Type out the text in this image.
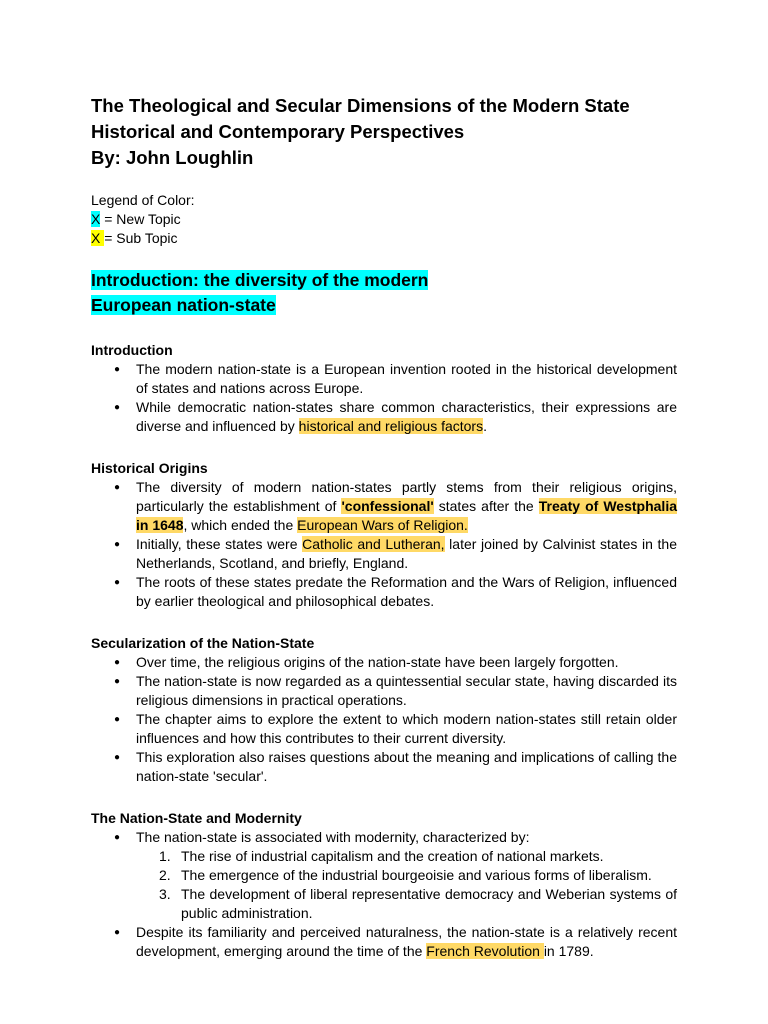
The Theological and Secular Dimensions of the Modern State
Historical and Contemporary Perspectives
By: John Loughlin
Legend of Color:
X = New Topic
X = Sub Topic
Introduction: the diversity of the modern
European nation-state
Introduction
● The modern nation-state is a European invention rooted in the historical development of states and nations across Europe.
● While democratic nation-states share common characteristics, their expressions are diverse and influenced by historical and religious factors.
Historical Origins
● The diversity of modern nation-states partly stems from their religious origins, particularly the establishment of 'confessional' states after the Treaty of Westphalia in 1648, which ended the European Wars of Religion.
● Initially, these states were Catholic and Lutheran, later joined by Calvinist states in the Netherlands, Scotland, and briefly, England.
● The roots of these states predate the Reformation and the Wars of Religion, influenced by earlier theological and philosophical debates.
Secularization of the Nation-State
● Over time, the religious origins of the nation-state have been largely forgotten.
● The nation-state is now regarded as a quintessential secular state, having discarded its religious dimensions in practical operations.
● The chapter aims to explore the extent to which modern nation-states still retain older influences and how this contributes to their current diversity.
● This exploration also raises questions about the meaning and implications of calling the nation-state 'secular'.
The Nation-State and Modernity
● The nation-state is associated with modernity, characterized by:
1. The rise of industrial capitalism and the creation of national markets.
2. The emergence of the industrial bourgeoisie and various forms of liberalism.
3. The development of liberal representative democracy and Weberian systems of public administration.
● Despite its familiarity and perceived naturalness, the nation-state is a relatively recent development, emerging around the time of the French Revolution in 1789.
